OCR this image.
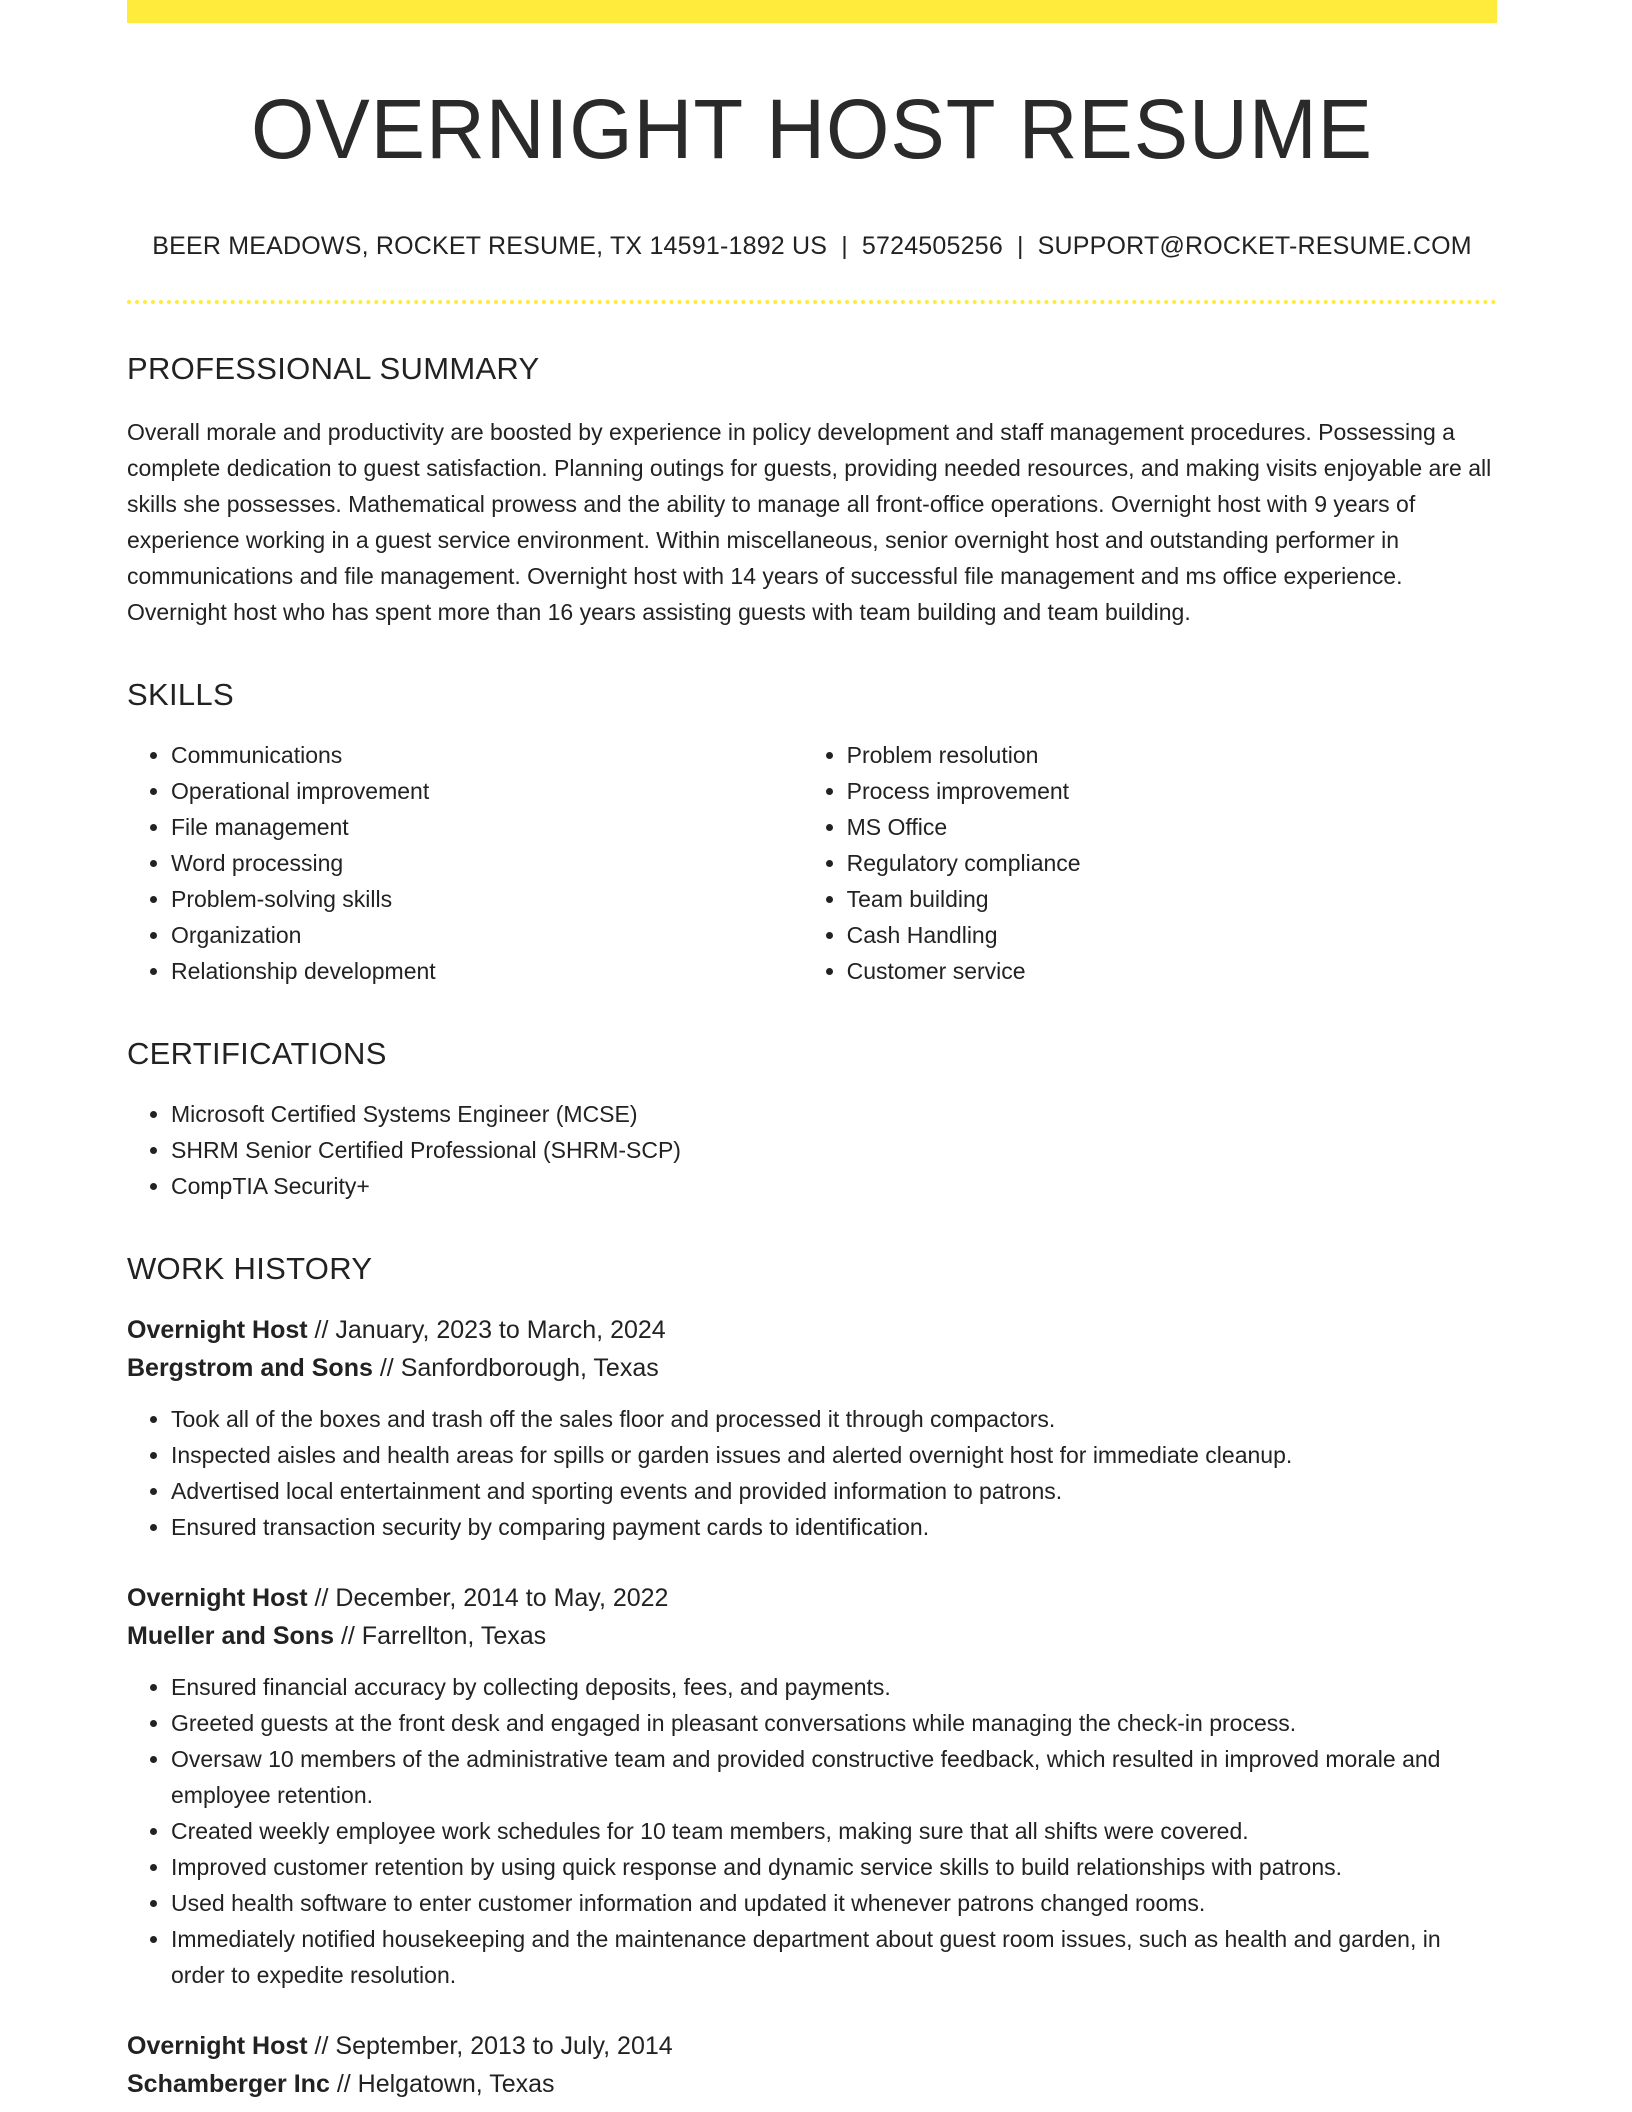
OVERNIGHT HOST RESUME
BEER MEADOWS, ROCKET RESUME, TX 14591-1892 US | 5724505256 | SUPPORT@ROCKET-RESUME.COM
PROFESSIONAL SUMMARY

Overall morale and productivity are boosted by experience in policy development and staff management procedures. Possessing a complete dedication to guest satisfaction. Planning outings for guests, providing needed resources, and making visits enjoyable are all skills she possesses. Mathematical prowess and the ability to manage all front-office operations. Overnight host with 9 years of experience working in a guest service environment. Within miscellaneous, senior overnight host and outstanding performer in communications and file management. Overnight host with 14 years of successful file management and ms office experience. Overnight host who has spent more than 16 years assisting guests with team building and team building.

SKILLS
• Communications
• Operational improvement
• File management
• Word processing
• Problem-solving skills
• Organization
• Relationship development
• Problem resolution
• Process improvement
• MS Office
• Regulatory compliance
• Team building
• Cash Handling
• Customer service
CERTIFICATIONS
• Microsoft Certified Systems Engineer (MCSE)
• SHRM Senior Certified Professional (SHRM-SCP)
• CompTIA Security+
WORK HISTORY
Overnight Host // January, 2023 to March, 2024
Bergstrom and Sons // Sanfordborough, Texas
• Took all of the boxes and trash off the sales floor and processed it through compactors.
• Inspected aisles and health areas for spills or garden issues and alerted overnight host for immediate cleanup.
• Advertised local entertainment and sporting events and provided information to patrons.
• Ensured transaction security by comparing payment cards to identification.
Overnight Host // December, 2014 to May, 2022
Mueller and Sons // Farrellton, Texas
• Ensured financial accuracy by collecting deposits, fees, and payments.
• Greeted guests at the front desk and engaged in pleasant conversations while managing the check-in process.
• Oversaw 10 members of the administrative team and provided constructive feedback, which resulted in improved morale and employee retention.
• Created weekly employee work schedules for 10 team members, making sure that all shifts were covered.
• Improved customer retention by using quick response and dynamic service skills to build relationships with patrons.
• Used health software to enter customer information and updated it whenever patrons changed rooms.
• Immediately notified housekeeping and the maintenance department about guest room issues, such as health and garden, in order to expedite resolution.
Overnight Host // September, 2013 to July, 2014
Schamberger Inc // Helgatown, Texas
